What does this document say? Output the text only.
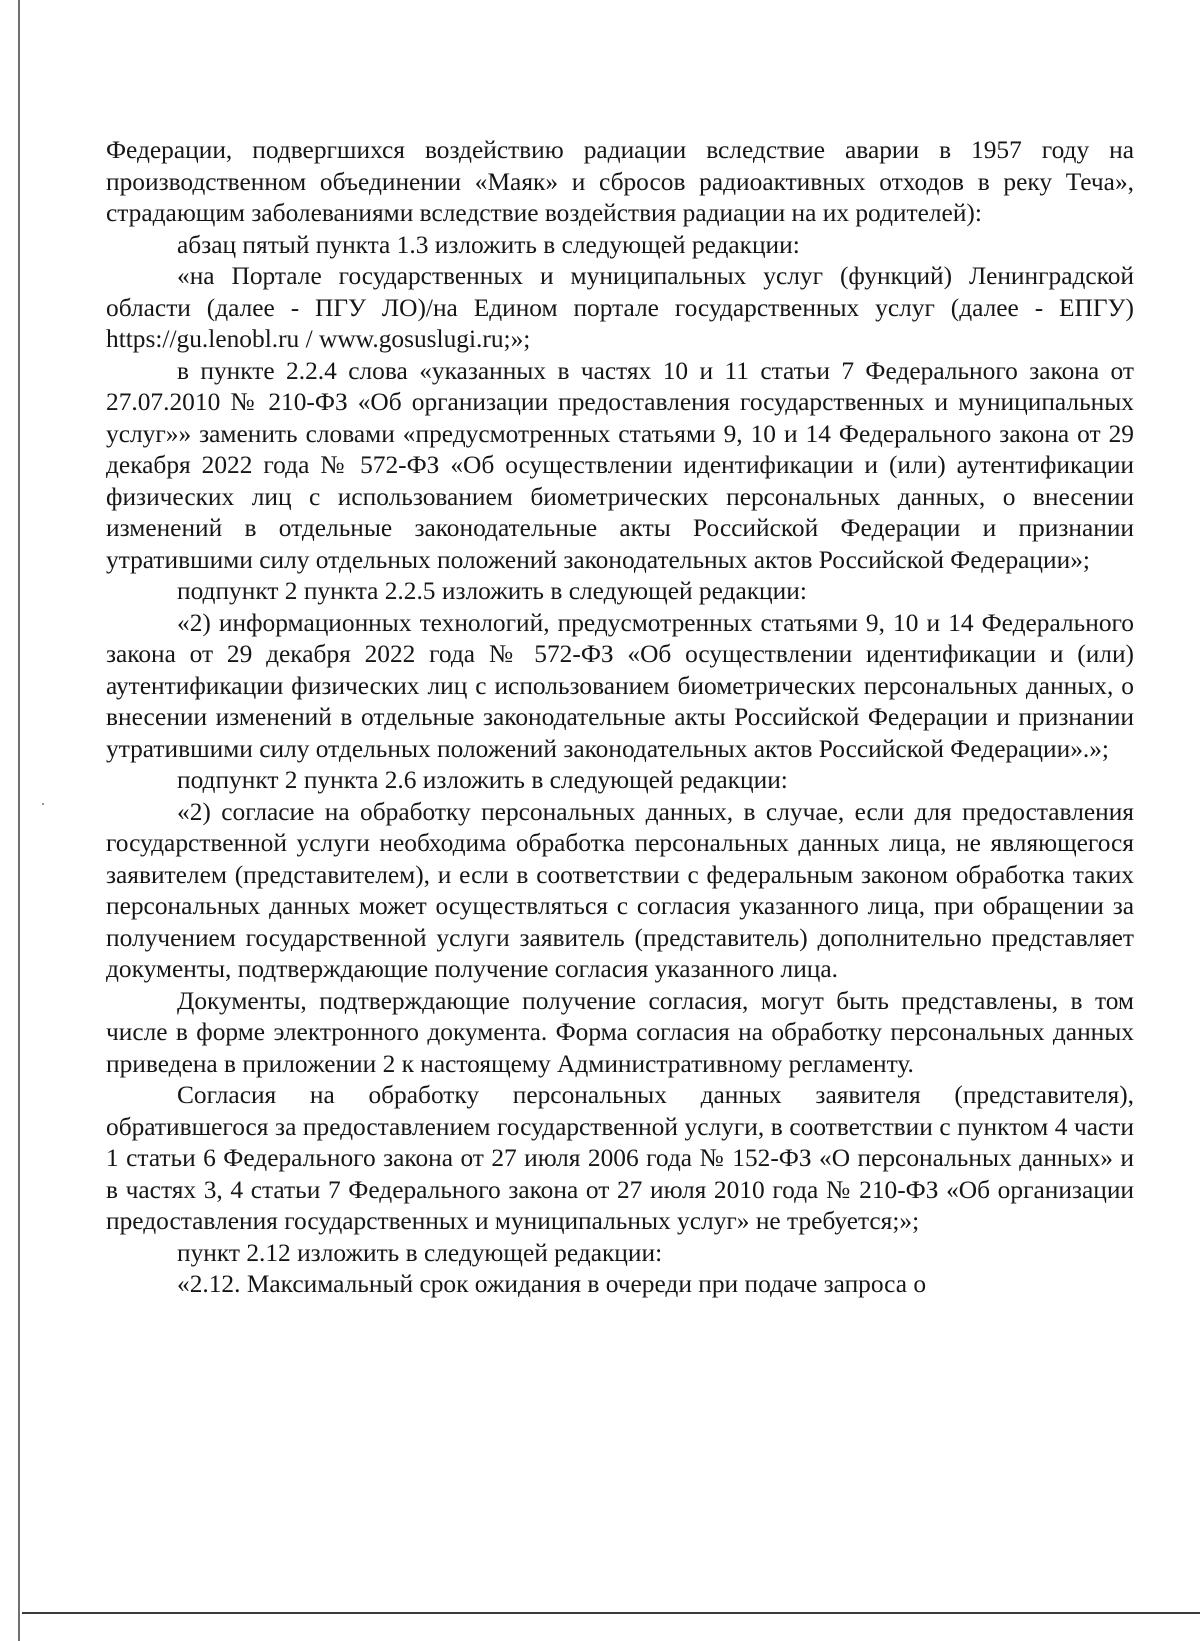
Федерации, подвергшихся воздействию радиации вследствие аварии в 1957 году на производственном объединении «Маяк» и сбросов радиоактивных отходов в реку Теча», страдающим заболеваниями вследствие воздействия радиации на их родителей):

абзац пятый пункта 1.3 изложить в следующей редакции:

«на Портале государственных и муниципальных услуг (функций) Ленинградской области (далее - ПГУ ЛО)/на Едином портале государственных услуг (далее - ЕПГУ) https://gu.lenobl.ru / www.gosuslugi.ru;»;

в пункте 2.2.4 слова «указанных в частях 10 и 11 статьи 7 Федерального закона от 27.07.2010 № 210-ФЗ «Об организации предоставления государственных и муниципальных услуг»» заменить словами «предусмотренных статьями 9, 10 и 14 Федерального закона от 29 декабря 2022 года № 572-ФЗ «Об осуществлении идентификации и (или) аутентификации физических лиц с использованием биометрических персональных данных, о внесении изменений в отдельные законодательные акты Российской Федерации и признании утратившими силу отдельных положений законодательных актов Российской Федерации»;

подпункт 2 пункта 2.2.5 изложить в следующей редакции:

«2) информационных технологий, предусмотренных статьями 9, 10 и 14 Федерального закона от 29 декабря 2022 года № 572-ФЗ «Об осуществлении идентификации и (или) аутентификации физических лиц с использованием биометрических персональных данных, о внесении изменений в отдельные законодательные акты Российской Федерации и признании утратившими силу отдельных положений законодательных актов Российской Федерации».»;

подпункт 2 пункта 2.6 изложить в следующей редакции:

«2) согласие на обработку персональных данных, в случае, если для предоставления государственной услуги необходима обработка персональных данных лица, не являющегося заявителем (представителем), и если в соответствии с федеральным законом обработка таких персональных данных может осуществляться с согласия указанного лица, при обращении за получением государственной услуги заявитель (представитель) дополнительно представляет документы, подтверждающие получение согласия указанного лица.

Документы, подтверждающие получение согласия, могут быть представлены, в том числе в форме электронного документа. Форма согласия на обработку персональных данных приведена в приложении 2 к настоящему Административному регламенту.

Согласия на обработку персональных данных заявителя (представителя), обратившегося за предоставлением государственной услуги, в соответствии с пунктом 4 части 1 статьи 6 Федерального закона от 27 июля 2006 года № 152-ФЗ «О персональных данных» и в частях 3, 4 статьи 7 Федерального закона от 27 июля 2010 года № 210-ФЗ «Об организации предоставления государственных и муниципальных услуг» не требуется;»;

пункт 2.12 изложить в следующей редакции:

«2.12. Максимальный срок ожидания в очереди при подаче запроса о
